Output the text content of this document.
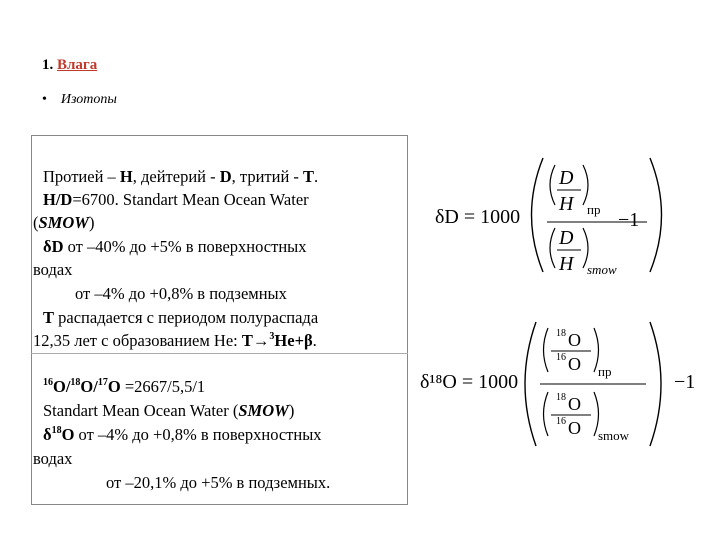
1. Влага
• Изотопы
Протией – H, дейтерий - D, тритий - T.
H/D=6700. Standart Mean Ocean Water
(SMOW)
δD от –40% до +5% в поверхностных
водах
от –4% до +0,8% в подземных
T распадается с периодом полураспада
12,35 лет с образованием He: T→$^3$He+β.
$^{16}$O/$^{18}$O/$^{17}$O =2667/5,5/1
Standart Mean Ocean Water (SMOW)
$\delta^{18}O$ от –4% до +0,8% в поверхностных
водах
от –20,1% до +5% в подземных.
δD = 1000
D
H пр
D
H smow
−1
δ¹⁸O = 1000
18 O
16 O пр
18 O
16 O smow
−1
